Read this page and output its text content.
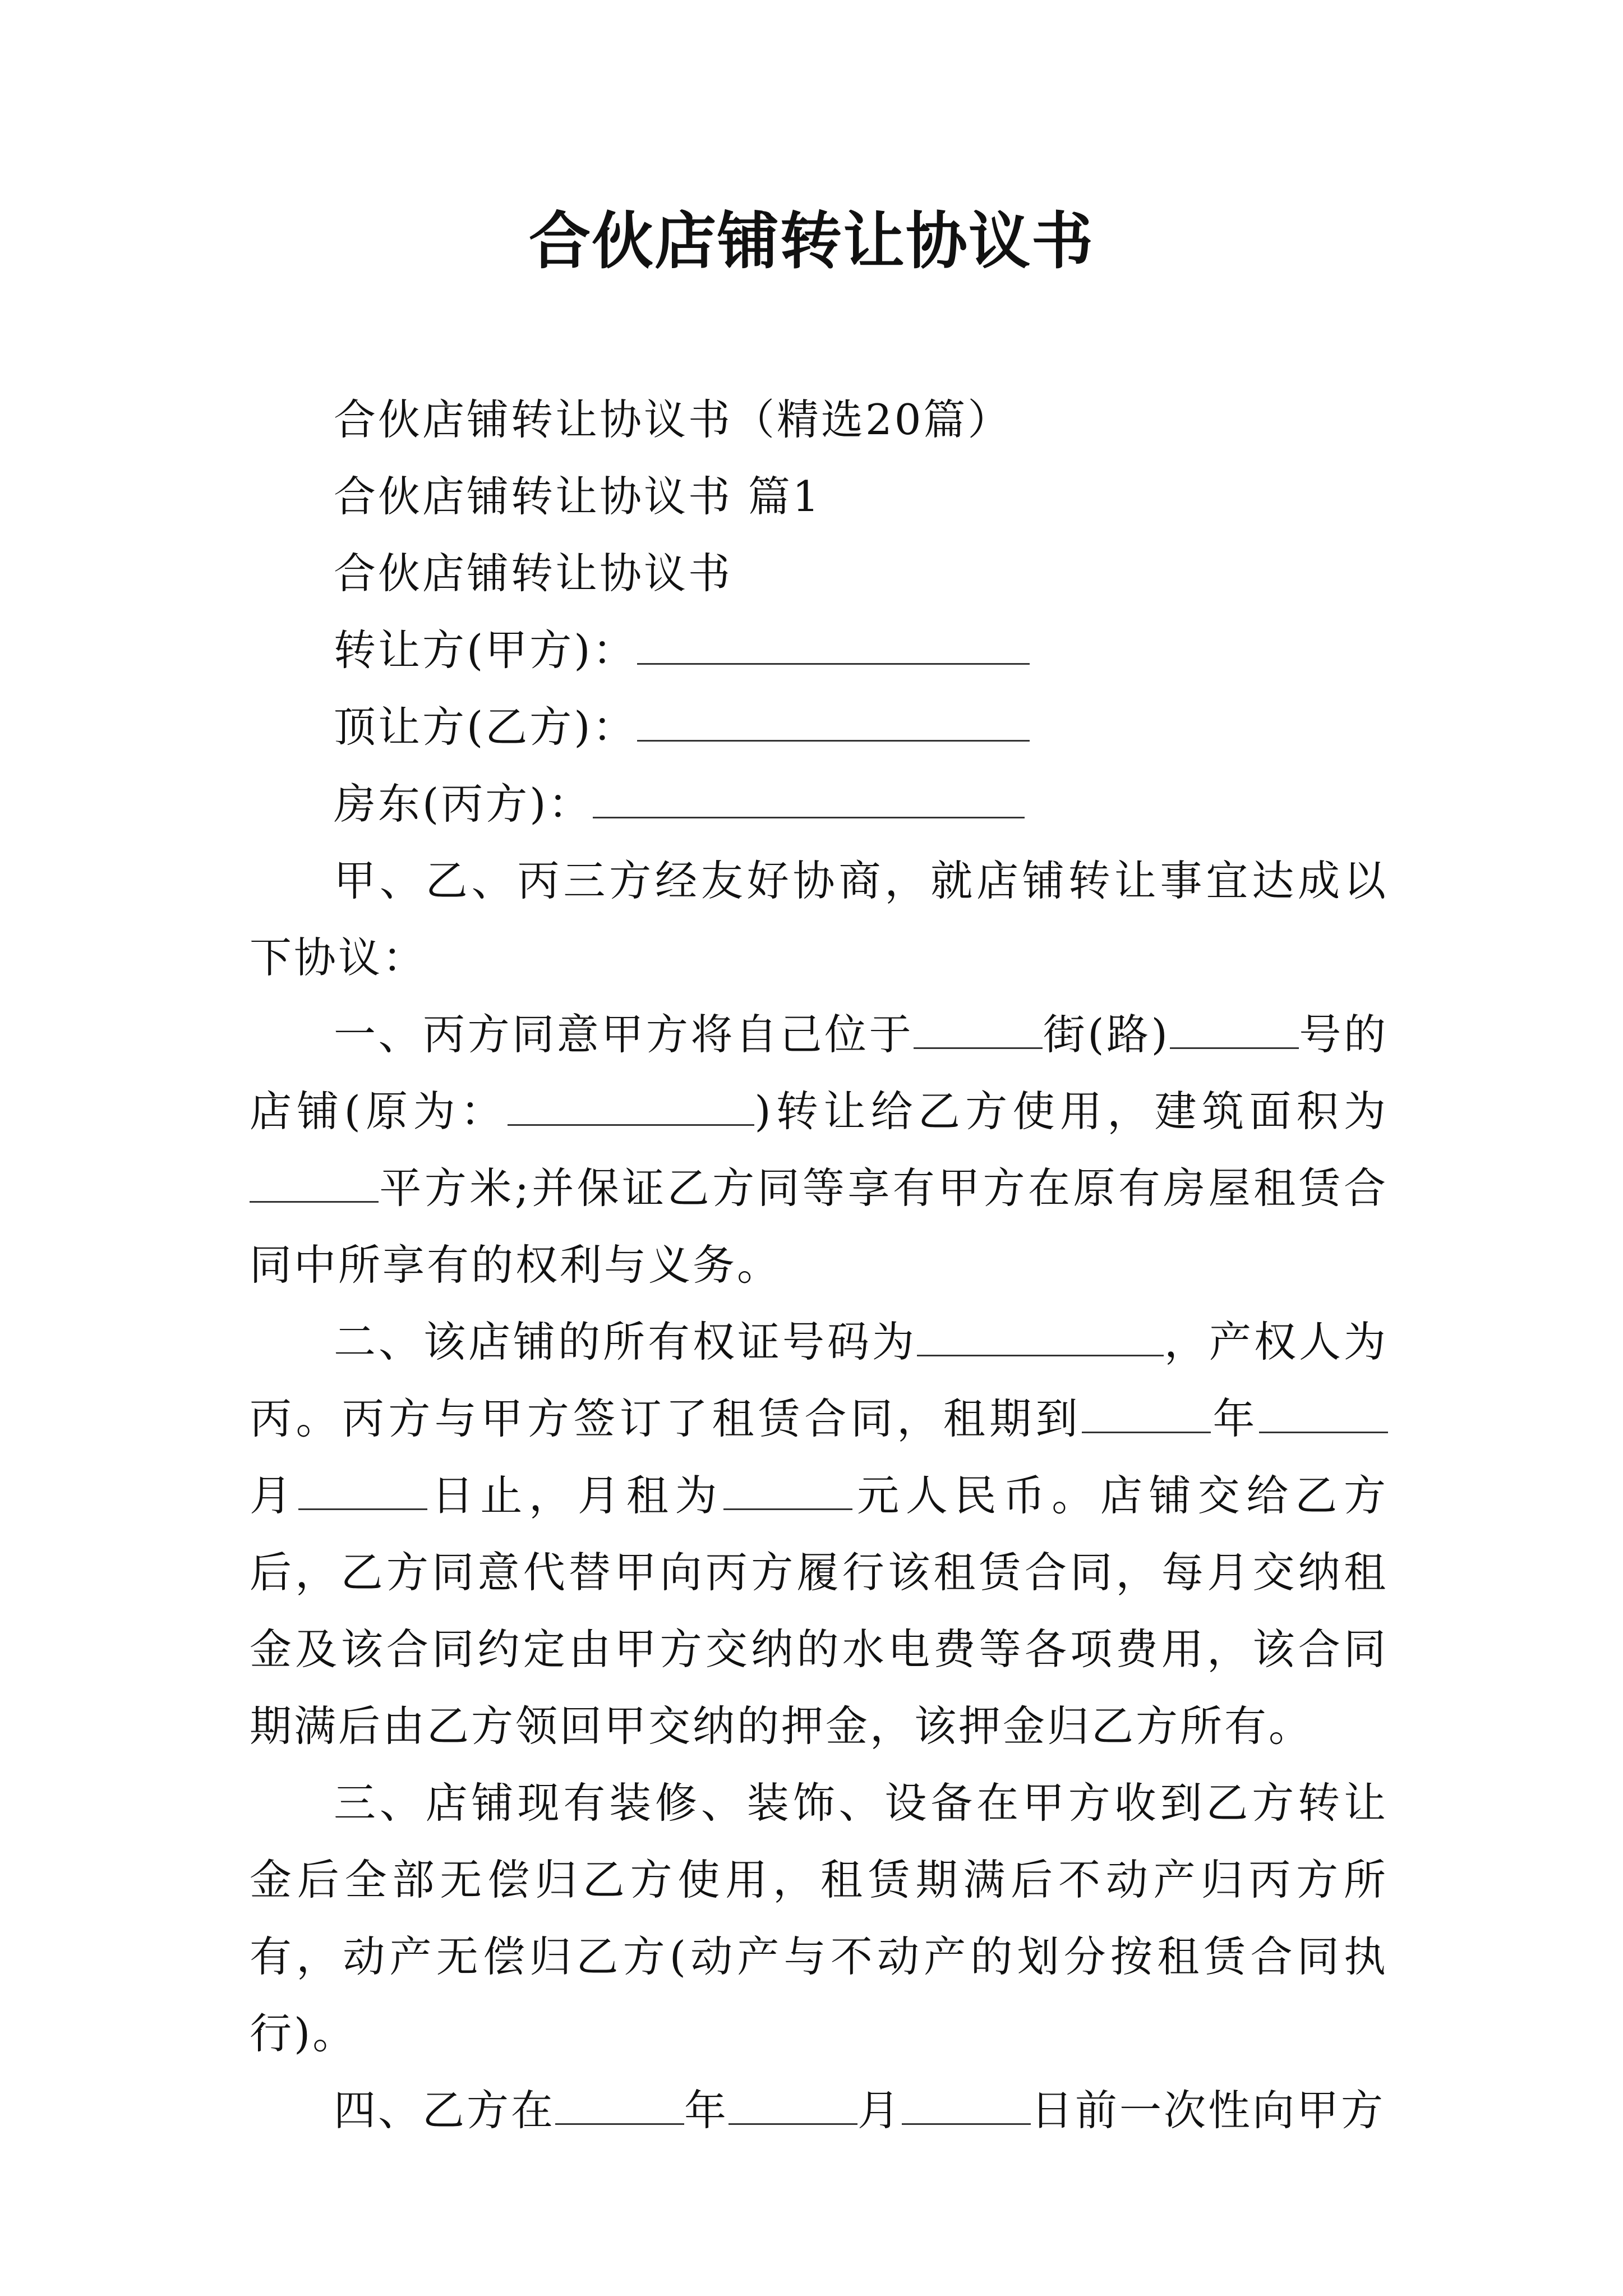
合伙店铺转让协议书

合伙店铺转让协议书（精选20篇）

合伙店铺转让协议书 篇1

合伙店铺转让协议书

转让方(甲方)：

顶让方(乙方)：

房东(丙方)：

甲、乙、丙三方经友好协商，就店铺转让事宜达成以下协议：

一、丙方同意甲方将自己位于	街(路)	号的店铺(原为：	)转让给乙方使用，建筑面积为平方米;并保证乙方同等享有甲方在原有房屋租赁合同中所享有的权利与义务。

二、该店铺的所有权证号码为	，产权人为丙。丙方与甲方签订了租赁合同，租期到	年月	日止，月租为	元人民币。店铺交给乙方后，乙方同意代替甲向丙方履行该租赁合同，每月交纳租金及该合同约定由甲方交纳的水电费等各项费用，该合同期满后由乙方领回甲交纳的押金，该押金归乙方所有。

三、店铺现有装修、装饰、设备在甲方收到乙方转让金后全部无偿归乙方使用，租赁期满后不动产归丙方所有，动产无偿归乙方(动产与不动产的划分按租赁合同执行)。

四、乙方在	年	月	日前一次性向甲方
